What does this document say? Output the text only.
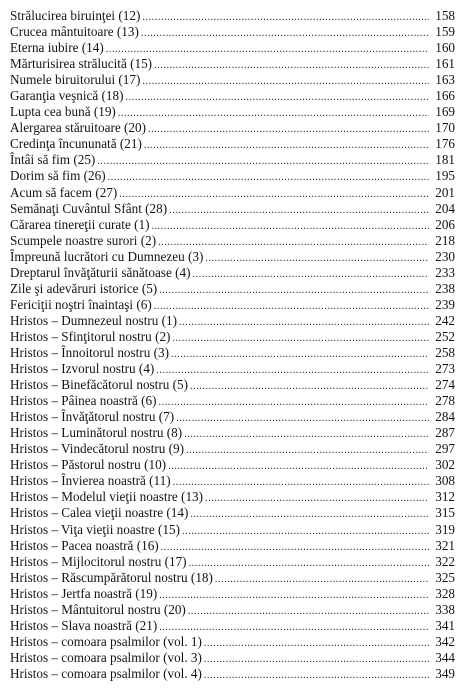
Strălucirea biruinţei (12) .....	158
Crucea mântuitoare (13) .....	159
Eterna iubire (14) .....	160
Mărturisirea strălucită (15) .....	161
Numele biruitorului (17) .....	163
Garanţia veşnică (18) .....	166
Lupta cea bună (19) .....	169
Alergarea stăruitoare (20) .....	170
Credinţa încununată (21) .....	176
Întâi să fim (25) .....	181
Dorim să fim (26) .....	195
Acum să facem (27) .....	201
Semănaţi Cuvântul Sfânt (28) .....	204
Cărarea tinereţii curate (1) .....	206
Scumpele noastre surori (2) .....	218
Împreună lucrători cu Dumnezeu (3) .....	230
Dreptarul învăţăturii sănătoase (4) .....	233
Zile şi adevăruri istorice (5) .....	238
Fericiţii noştri înaintaşi (6) .....	239
Hristos – Dumnezeul nostru (1) .....	242
Hristos – Sfinţitorul nostru (2) .....	252
Hristos – Înnoitorul nostru (3) .....	258
Hristos – Izvorul nostru (4) .....	273
Hristos – Binefăcătorul nostru (5) .....	274
Hristos – Pâinea noastră (6) .....	278
Hristos – Învăţătorul nostru (7) .....	284
Hristos – Luminătorul nostru (8) .....	287
Hristos – Vindecătorul nostru (9) .....	297
Hristos – Păstorul nostru (10) .....	302
Hristos – Învierea noastră (11) .....	308
Hristos – Modelul vieţii noastre (13) .....	312
Hristos – Calea vieţii noastre (14) .....	315
Hristos – Viţa vieţii noastre (15) .....	319
Hristos – Pacea noastră (16) .....	321
Hristos – Mijlocitorul nostru (17) .....	322
Hristos – Răscumpărătorul nostru (18) .....	325
Hristos – Jertfa noastră (19) .....	328
Hristos – Mântuitorul nostru (20) .....	338
Hristos – Slava noastră (21) .....	341
Hristos – comoara psalmilor (vol. 1) .....	342
Hristos – comoara psalmilor (vol. 3) .....	344
Hristos – comoara psalmilor (vol. 4) .....	349
